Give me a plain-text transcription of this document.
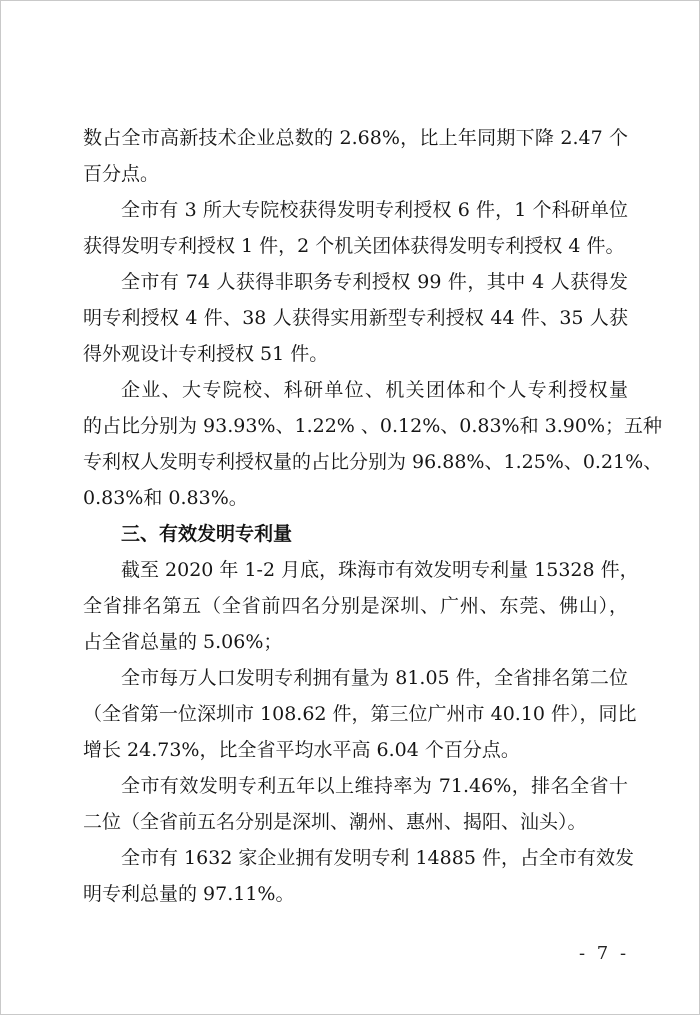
数占全市高新技术企业总数的 2.68%，比上年同期下降 2.47 个
百分点。
全市有 3 所大专院校获得发明专利授权 6 件，1 个科研单位
获得发明专利授权 1 件，2 个机关团体获得发明专利授权 4 件。
全市有 74 人获得非职务专利授权 99 件，其中 4 人获得发
明专利授权 4 件、38 人获得实用新型专利授权 44 件、35 人获
得外观设计专利授权 51 件。
企业、大专院校、科研单位、机关团体和个人专利授权量
的占比分别为 93.93%、1.22% 、0.12%、0.83%和 3.90%；五种
专利权人发明专利授权量的占比分别为 96.88%、1.25%、0.21%、
0.83%和 0.83%。
三、有效发明专利量
截至 2020 年 1-2 月底，珠海市有效发明专利量 15328 件，
全省排名第五（全省前四名分别是深圳、广州、东莞、佛山），
占全省总量的 5.06%；
全市每万人口发明专利拥有量为 81.05 件，全省排名第二位
（全省第一位深圳市 108.62 件，第三位广州市 40.10 件），同比
增长 24.73%，比全省平均水平高 6.04 个百分点。
全市有效发明专利五年以上维持率为 71.46%，排名全省十
二位（全省前五名分别是深圳、潮州、惠州、揭阳、汕头）。
全市有 1632 家企业拥有发明专利 14885 件，占全市有效发
明专利总量的 97.11%。
- 7 -
